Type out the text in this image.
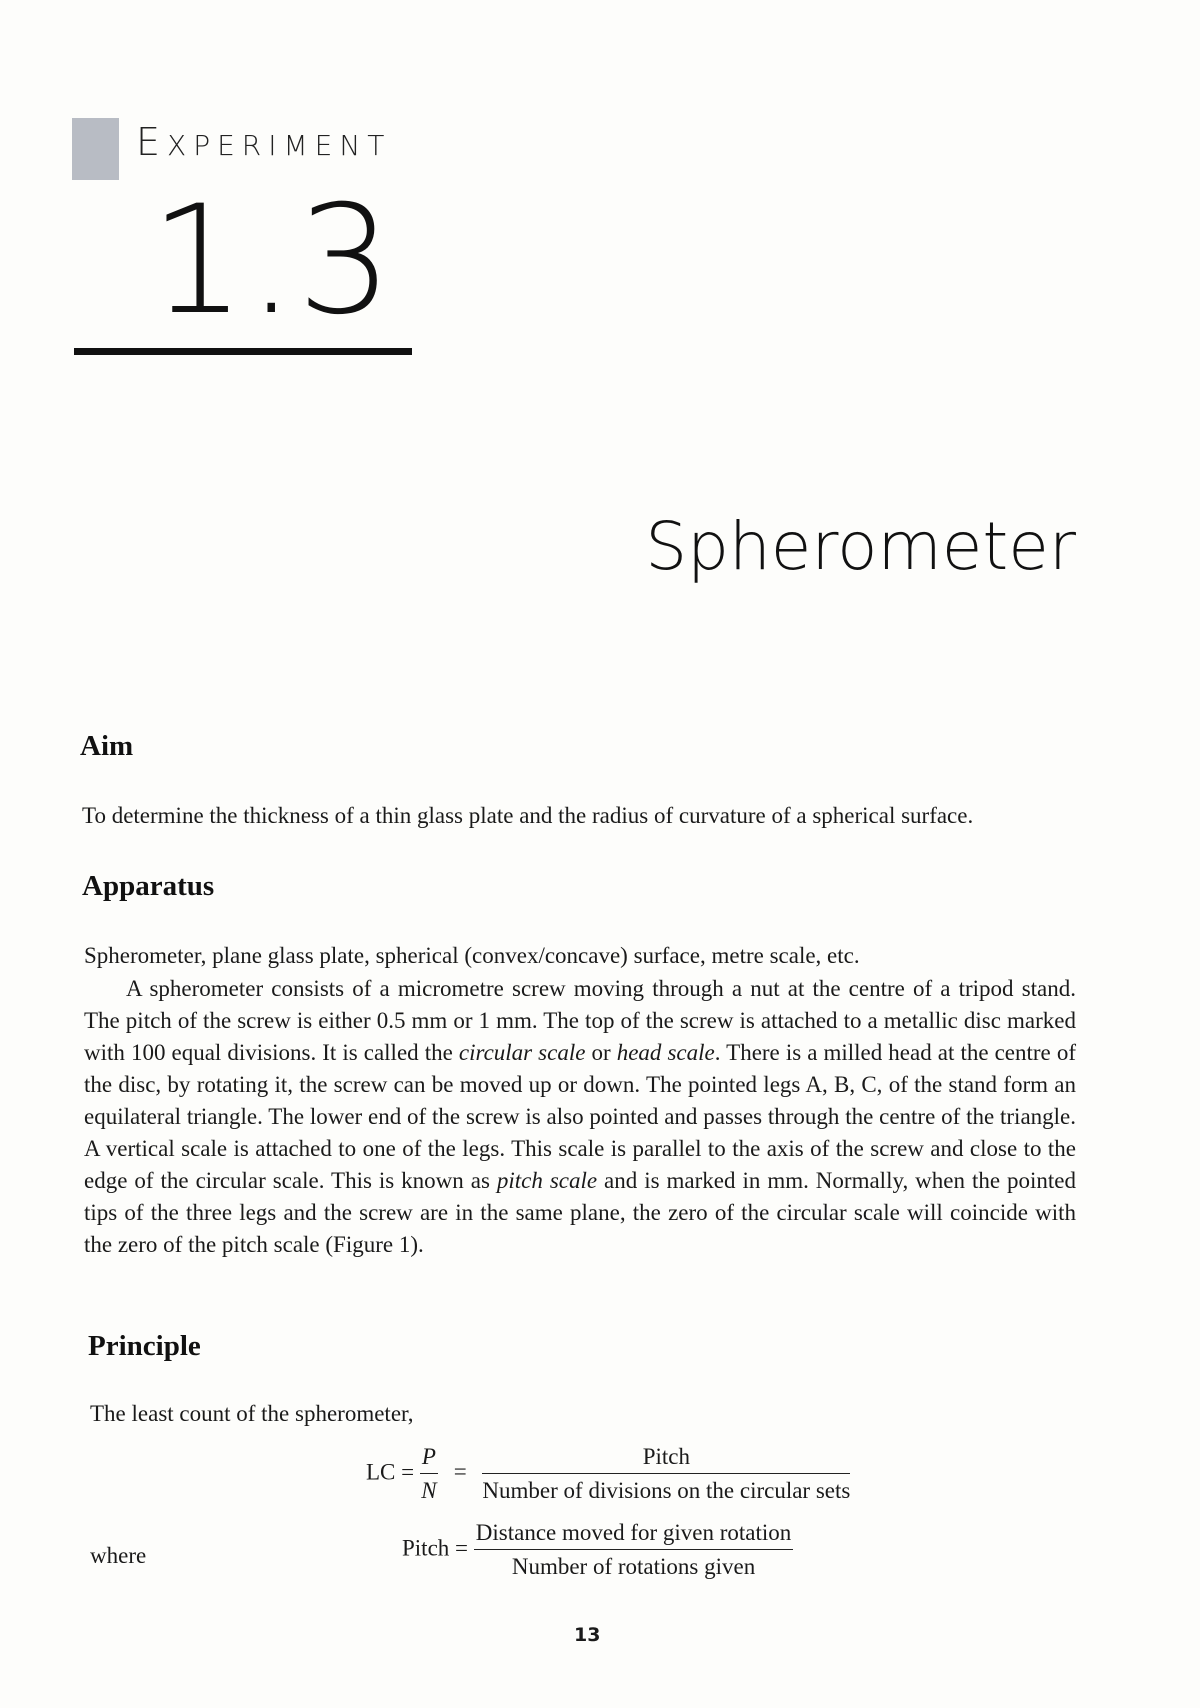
EXPERIMENT
1.3
Spherometer
Aim

To determine the thickness of a thin glass plate and the radius of curvature of a spherical surface.

Apparatus

Spherometer, plane glass plate, spherical (convex/concave) surface, metre scale, etc.

A spherometer consists of a micrometre screw moving through a nut at the centre of a tripod stand. The pitch of the screw is either 0.5 mm or 1 mm. The top of the screw is attached to a metallic disc marked with 100 equal divisions. It is called the circular scale or head scale. There is a milled head at the centre of the disc, by rotating it, the screw can be moved up or down. The pointed legs A, B, C, of the stand form an equilateral triangle. The lower end of the screw is also pointed and passes through the centre of the triangle. A vertical scale is attached to one of the legs. This scale is parallel to the axis of the screw and close to the edge of the circular scale. This is known as pitch scale and is marked in mm. Normally, when the pointed tips of the three legs and the screw are in the same plane, the zero of the circular scale will coincide with the zero of the pitch scale (Figure 1).

Principle

The least count of the spherometer,

LC = $\frac{P}{N} = \frac{\text{Pitch}}{\text{Number of divisions on the circular sets}}$

where	Pitch = $\frac{\text{Distance moved for given rotation}}{\text{Number of rotations given}}$
13
